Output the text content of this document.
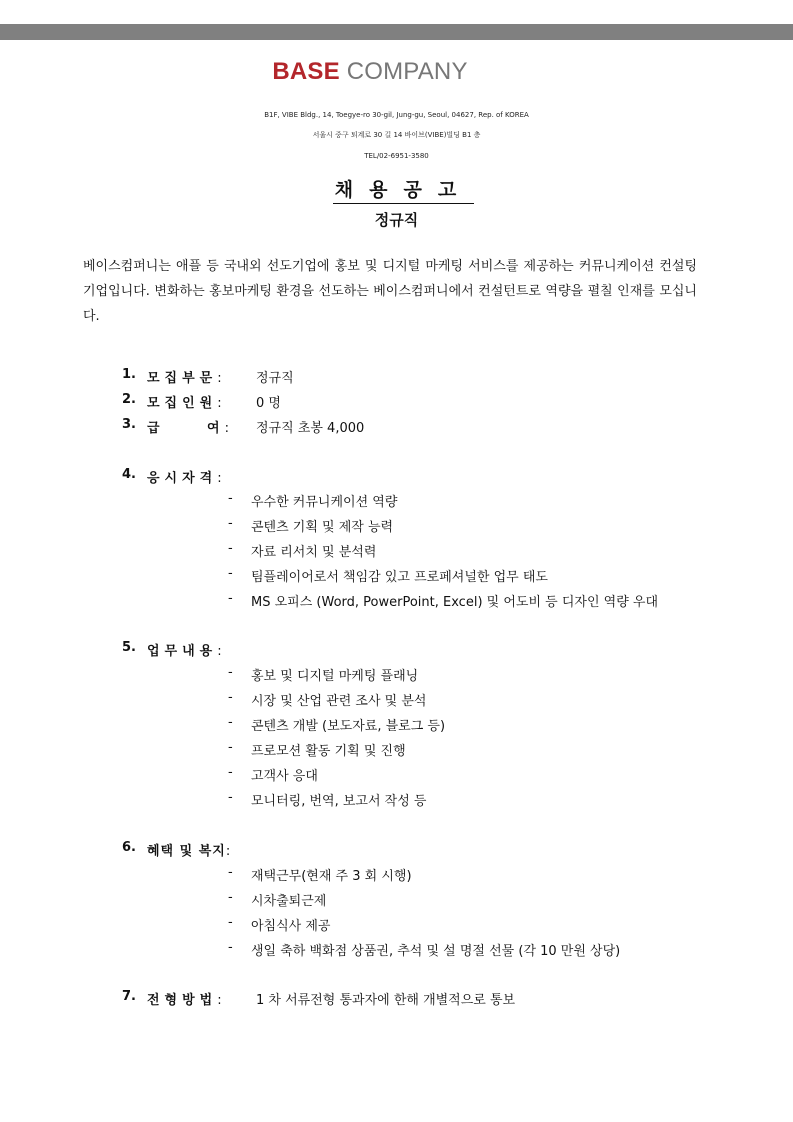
BASE COMPANY
B1F, VIBE Bldg., 14, Toegye-ro 30-gil, Jung-gu, Seoul, 04627, Rep. of KOREA
서울시 중구 퇴계로 30 길 14 바이브(VIBE)빌딩 B1 층
TEL/02-6951-3580
채용공고
정규직
베이스컴퍼니는 애플 등 국내외 선도기업에 홍보 및 디지털 마케팅 서비스를 제공하는 커뮤니케이션 컨설팅 기업입니다. 변화하는 홍보마케팅 환경을 선도하는 베이스컴퍼니에서 컨설턴트로 역량을 펼칠 인재를 모십니다.
1. 모집부문:	정규직
2. 모집인원:	0 명
3. 급	여: 정규직 초봉 4,000
4. 응시자격:
- 우수한 커뮤니케이션 역량
- 콘텐츠 기획 및 제작 능력
- 자료 리서치 및 분석력
- 팀플레이어로서 책임감 있고 프로페셔널한 업무 태도
- MS 오피스 (Word, PowerPoint, Excel) 및 어도비 등 디자인 역량 우대
5. 업무내용:
- 홍보 및 디지털 마케팅 플래닝
- 시장 및 산업 관련 조사 및 분석
- 콘텐츠 개발 (보도자료, 블로그 등)
- 프로모션 활동 기획 및 진행
- 고객사 응대
- 모니터링, 번역, 보고서 작성 등
6. 혜택 및 복지:
- 재택근무(현재 주 3 회 시행)
- 시차출퇴근제
- 아침식사 제공
- 생일 축하 백화점 상품권, 추석 및 설 명절 선물 (각 10 만원 상당)
7. 전형방법:	1 차 서류전형 통과자에 한해 개별적으로 통보
